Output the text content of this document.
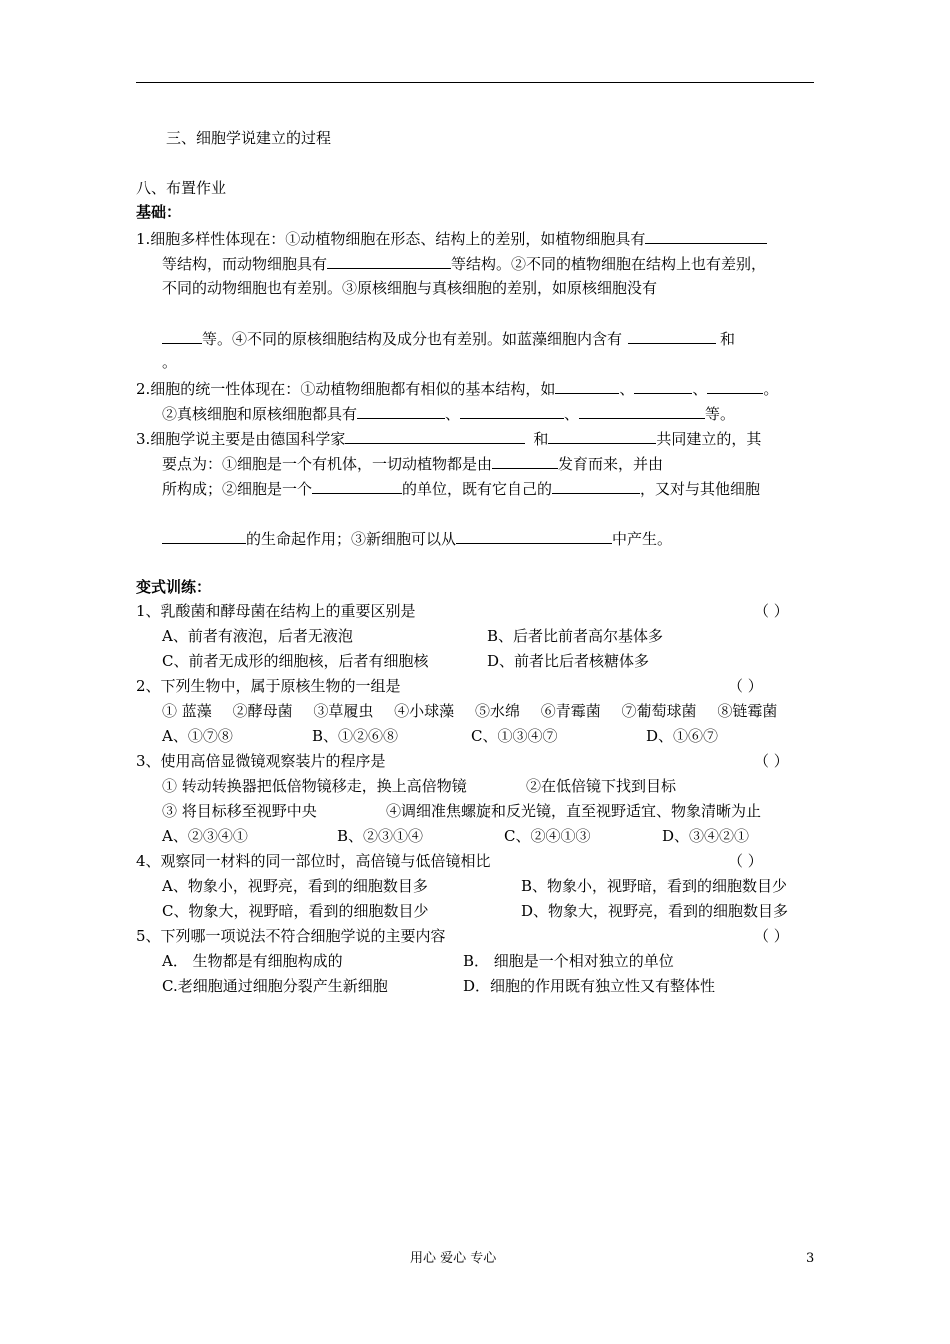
三、细胞学说建立的过程
八、布置作业
基础：
1.细胞多样性体现在：①动植物细胞在形态、结构上的差别，如植物细胞具有
等结构，而动物细胞具有	等结构。②不同的植物细胞在结构上也有差别，
不同的动物细胞也有差别。③原核细胞与真核细胞的差别，如原核细胞没有
等。④不同的原核细胞结构及成分也有差别。如蓝藻细胞内含有	和
。
2.细胞的统一性体现在：①动植物细胞都有相似的基本结构，如	、	、	。
②真核细胞和原核细胞都具有	、	、	等。
3.细胞学说主要是由德国科学家	和	共同建立的，其
要点为：①细胞是一个有机体，一切动植物都是由	发育而来，并由
所构成；②细胞是一个	的单位，既有它自己的	，又对与其他细胞
的生命起作用；③新细胞可以从	中产生。
变式训练：
1、乳酸菌和酵母菌在结构上的重要区别是	（ ）
A、前者有液泡，后者无液泡	B、后者比前者高尔基体多
C、前者无成形的细胞核，后者有细胞核	D、前者比后者核糖体多
2、下列生物中，属于原核生物的一组是	（ ）
① 蓝藻 ②酵母菌 ③草履虫 ④小球藻 ⑤水绵 ⑥青霉菌 ⑦葡萄球菌 ⑧链霉菌
A、①⑦⑧	B、①②⑥⑧	C、①③④⑦	D、①⑥⑦
3、使用高倍显微镜观察装片的程序是	（ ）
① 转动转换器把低倍物镜移走，换上高倍物镜	②在低倍镜下找到目标
③ 将目标移至视野中央	④调细准焦螺旋和反光镜，直至视野适宜、物象清晰为止
A、②③④①	B、②③①④	C、②④①③	D、③④②①
4、观察同一材料的同一部位时，高倍镜与低倍镜相比	（ ）
A、物象小，视野亮，看到的细胞数目多	B、物象小，视野暗，看到的细胞数目少
C、物象大，视野暗，看到的细胞数目少	D、物象大，视野亮，看到的细胞数目多
5、下列哪一项说法不符合细胞学说的主要内容	（ ）
A． 生物都是有细胞构成的	B． 细胞是一个相对独立的单位
C.老细胞通过细胞分裂产生新细胞	D．细胞的作用既有独立性又有整体性
用心 爱心 专心	3
